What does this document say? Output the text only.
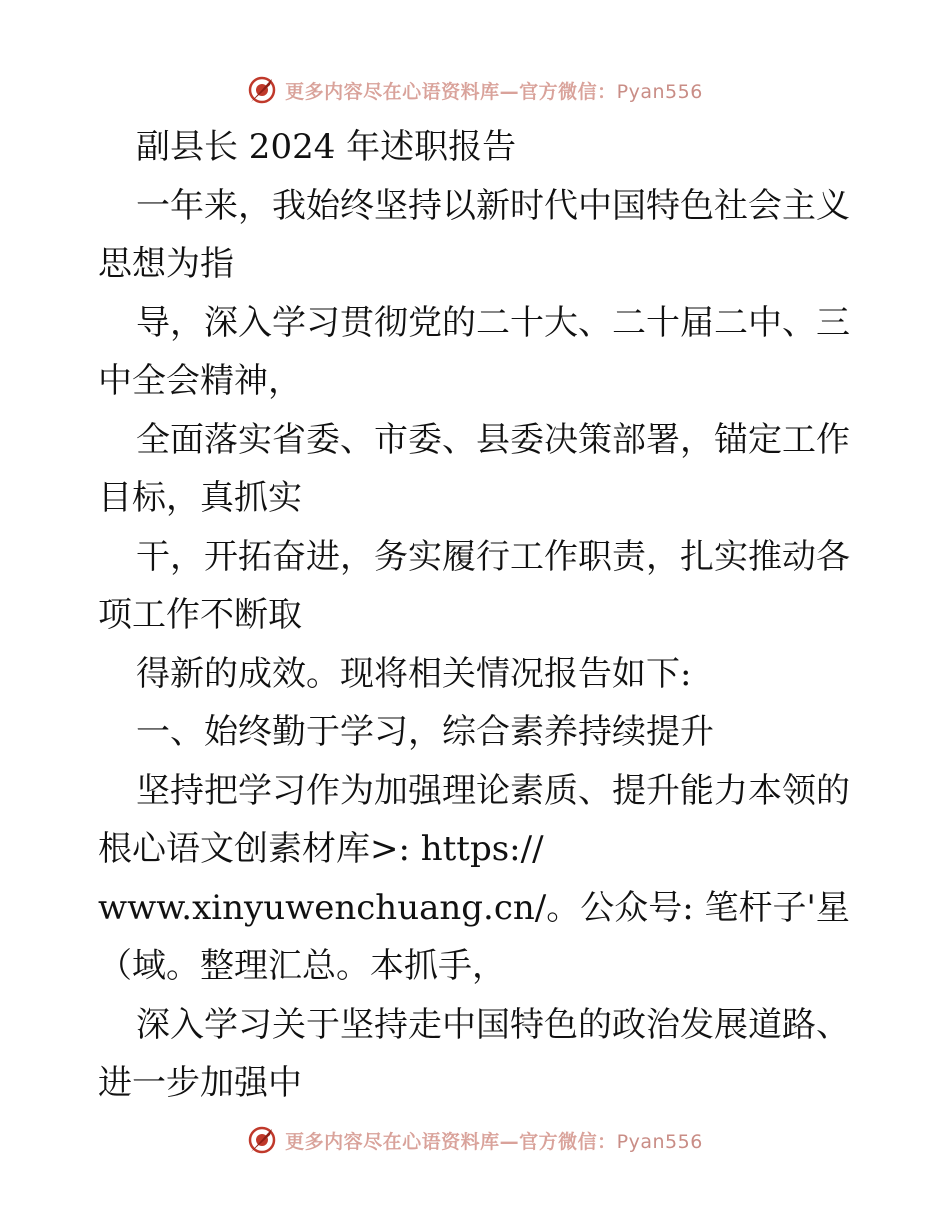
更多内容尽在心语资料库—官方微信：Pyan556
副县长 2024 年述职报告
一年来，我始终坚持以新时代中国特色社会主义
思想为指
导，深入学习贯彻党的二十大、二十届二中、三
中全会精神，
全面落实省委、市委、县委决策部署，锚定工作
目标，真抓实
干，开拓奋进，务实履行工作职责，扎实推动各
项工作不断取
得新的成效。现将相关情况报告如下:
一、始终勤于学习，综合素养持续提升
坚持把学习作为加强理论素质、提升能力本领的
根心语文创素材库>: https://
www.xinyuwenchuang.cn/。公众号: 笔杆子'星
（域。整理汇总。本抓手，
深入学习关于坚持走中国特色的政治发展道路、
进一步加强中
更多内容尽在心语资料库—官方微信：Pyan556
